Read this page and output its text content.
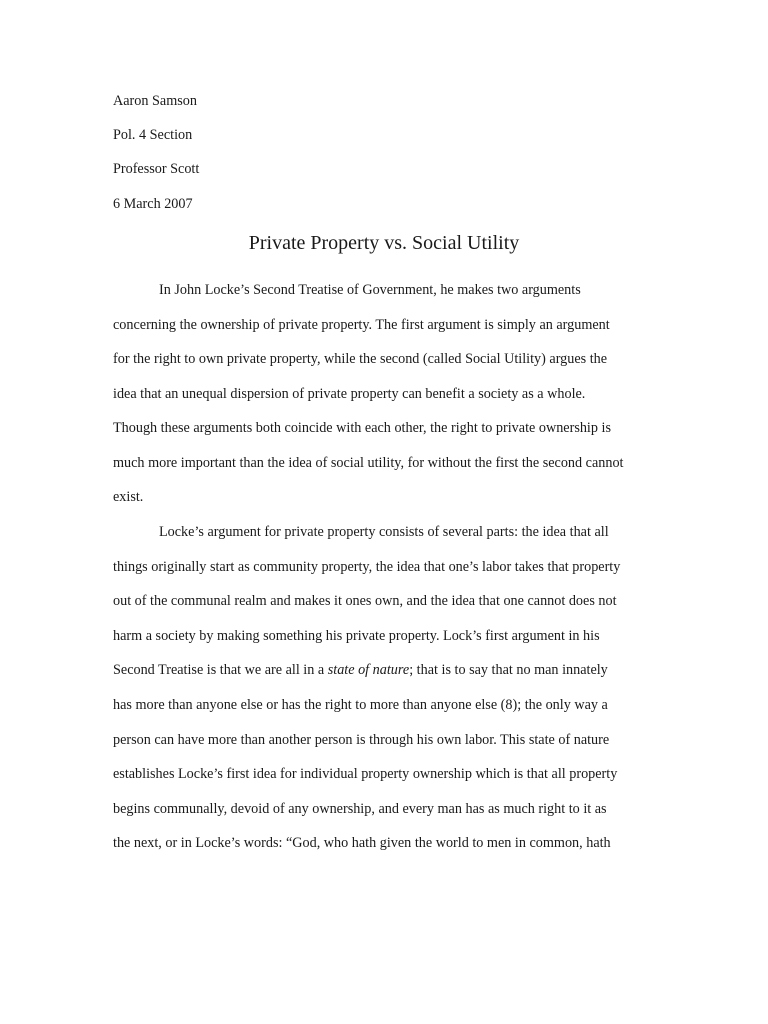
Aaron Samson
Pol. 4 Section
Professor Scott
6 March 2007
Private Property vs. Social Utility
In John Locke’s Second Treatise of Government, he makes two arguments
concerning the ownership of private property. The first argument is simply an argument
for the right to own private property, while the second (called Social Utility) argues the
idea that an unequal dispersion of private property can benefit a society as a whole.
Though these arguments both coincide with each other, the right to private ownership is
much more important than the idea of social utility, for without the first the second cannot
exist.
Locke’s argument for private property consists of several parts: the idea that all
things originally start as community property, the idea that one’s labor takes that property
out of the communal realm and makes it ones own, and the idea that one cannot does not
harm a society by making something his private property. Lock’s first argument in his
Second Treatise is that we are all in a state of nature; that is to say that no man innately
has more than anyone else or has the right to more than anyone else (8); the only way a
person can have more than another person is through his own labor. This state of nature
establishes Locke’s first idea for individual property ownership which is that all property
begins communally, devoid of any ownership, and every man has as much right to it as
the next, or in Locke’s words: “God, who hath given the world to men in common, hath
